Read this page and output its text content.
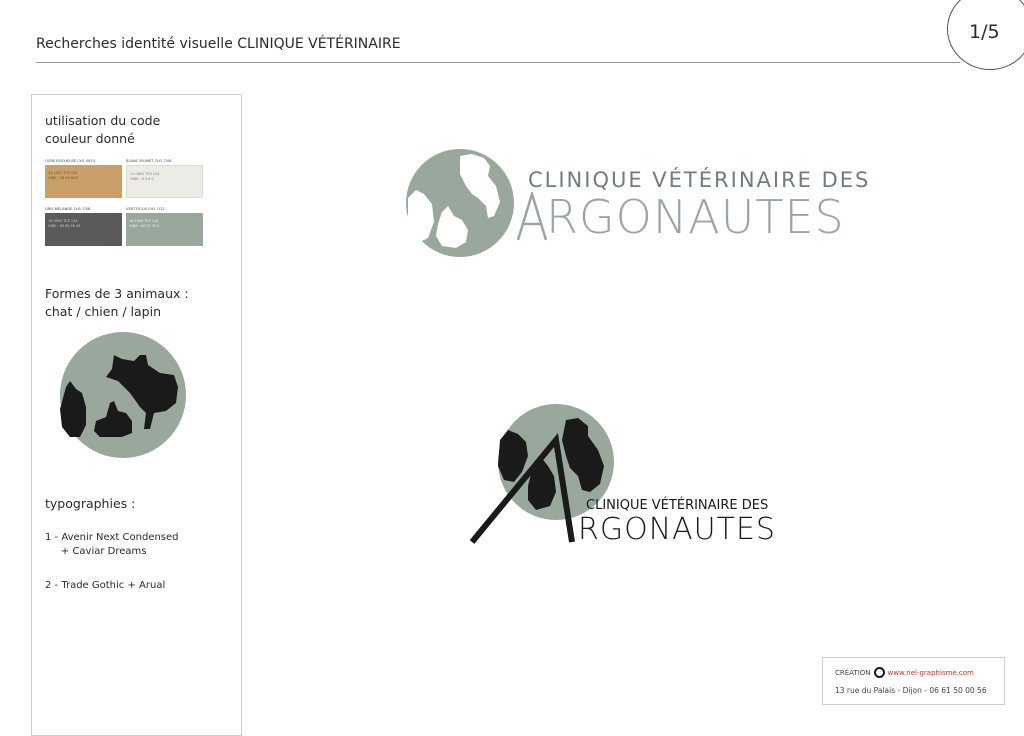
Recherches identité visuelle CLINIQUE VÉTÉRINAIRE
1/5
utilisation du code couleur donné
OCRE ROCHEUSE CH1 0815
14-1031 TCX 124
CMJK : 28 43 64 0
BLANC PLUMET CH1 7/06
11-0601 TCX 124
CMJK : 3 3 6 0
GRIS MELANGE CH1 7/08
19-3903 TCX 124
CMJK : 64 60 55 43
VERT FICUS CH1 7/12
16-5304 TCX 124
CMJK : 40 22 35 0
Formes de 3 animaux : chat / chien / lapin
typographies :
1 - Avenir Next Condensed
+ Caviar Dreams
2 - Trade Gothic + Arual
CLINIQUE VÉTÉRINAIRE DES
RGONAUTES
CLINIQUE VÉTÉRINAIRE DES
RGONAUTES
CRÉATION www.nel-graphisme.com
13 rue du Palais - Dijon - 06 61 50 00 56
